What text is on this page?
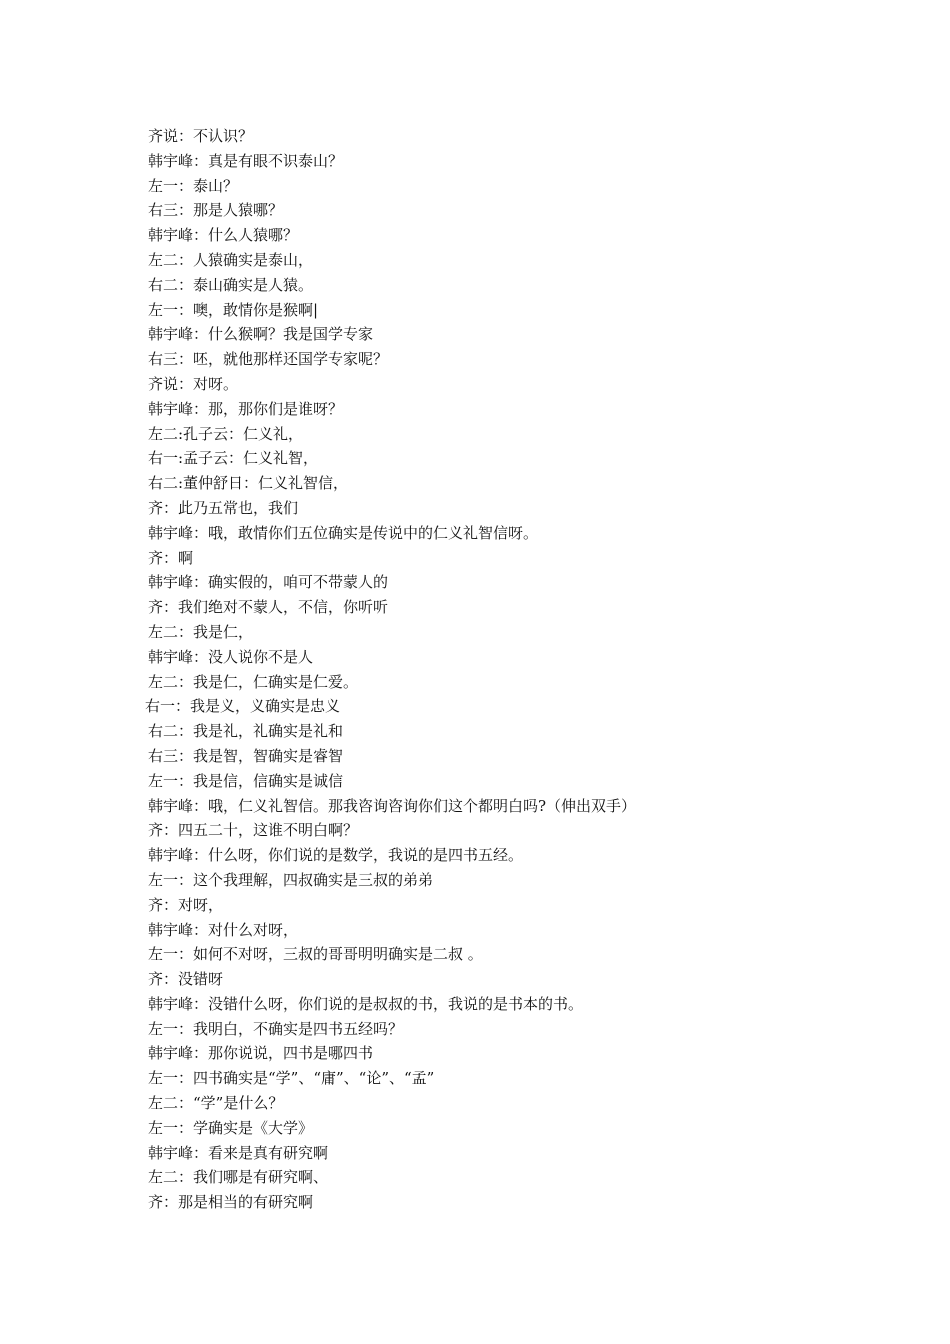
齐说：不认识？
韩宇峰：真是有眼不识泰山？
左一：泰山？
右三：那是人猿哪？
韩宇峰：什么人猿哪？
左二：人猿确实是泰山，
右二：泰山确实是人猿。
左一：噢，敢情你是猴啊|
韩宇峰：什么猴啊？我是国学专家
右三：呸，就他那样还国学专家呢？
齐说：对呀。
韩宇峰：那，那你们是谁呀？
左二:孔子云：仁义礼，
右一:孟子云：仁义礼智，
右二:董仲舒日：仁义礼智信，
齐：此乃五常也，我们
韩宇峰：哦，敢情你们五位确实是传说中的仁义礼智信呀。
齐：啊
韩宇峰：确实假的，咱可不带蒙人的
齐：我们绝对不蒙人，不信，你听听
左二：我是仁，
韩宇峰：没人说你不是人
左二：我是仁，仁确实是仁爱。
右一：我是义，义确实是忠义
右二：我是礼，礼确实是礼和
右三：我是智，智确实是睿智
左一：我是信，信确实是诚信
韩宇峰：哦，仁义礼智信。那我咨询咨询你们这个都明白吗?（伸出双手）
齐：四五二十，这谁不明白啊？
韩宇峰：什么呀，你们说的是数学，我说的是四书五经。
左一：这个我理解，四叔确实是三叔的弟弟
齐：对呀，
韩宇峰：对什么对呀，
左一：如何不对呀，三叔的哥哥明明确实是二叔 。
齐：没错呀
韩宇峰：没错什么呀，你们说的是叔叔的书，我说的是书本的书。
左一：我明白，不确实是四书五经吗？
韩宇峰：那你说说，四书是哪四书
左一：四书确实是“学”、“庸”、“论”、“孟”
左二：“学”是什么？
左一：学确实是《大学》
韩宇峰：看来是真有研究啊
左二：我们哪是有研究啊、
齐：那是相当的有研究啊
